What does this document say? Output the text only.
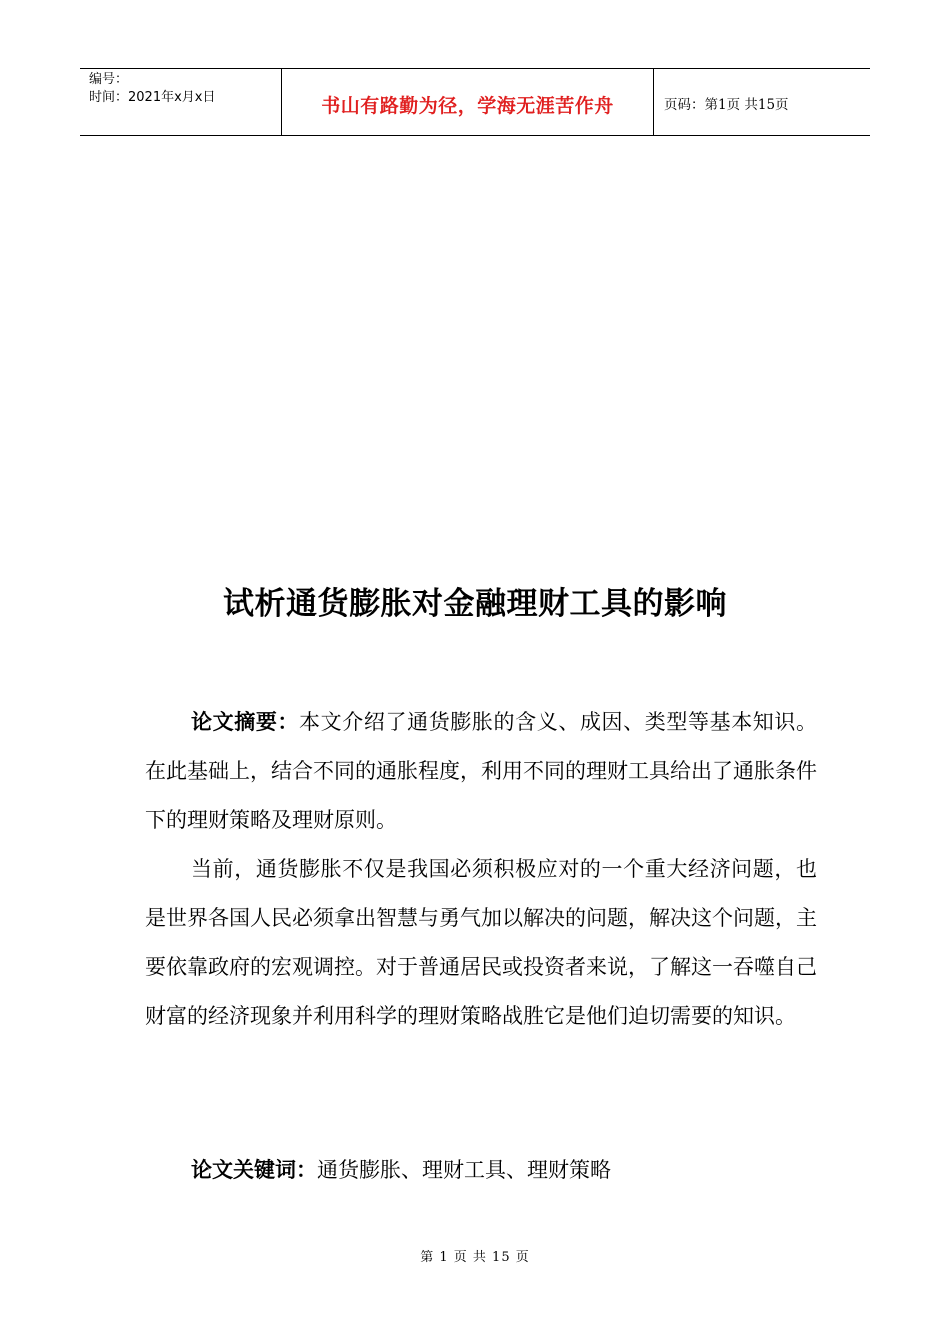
编号：
时间：2021年x月x日	书山有路勤为径，学海无涯苦作舟	页码：第1页 共15页
试析通货膨胀对金融理财工具的影响

论文摘要：本文介绍了通货膨胀的含义、成因、类型等基本知识。在此基础上，结合不同的通胀程度，利用不同的理财工具给出了通胀条件下的理财策略及理财原则。

当前，通货膨胀不仅是我国必须积极应对的一个重大经济问题，也是世界各国人民必须拿出智慧与勇气加以解决的问题，解决这个问题，主要依靠政府的宏观调控。对于普通居民或投资者来说，了解这一吞噬自己财富的经济现象并利用科学的理财策略战胜它是他们迫切需要的知识。

论文关键词：通货膨胀、理财工具、理财策略

第 1 页 共 15 页
